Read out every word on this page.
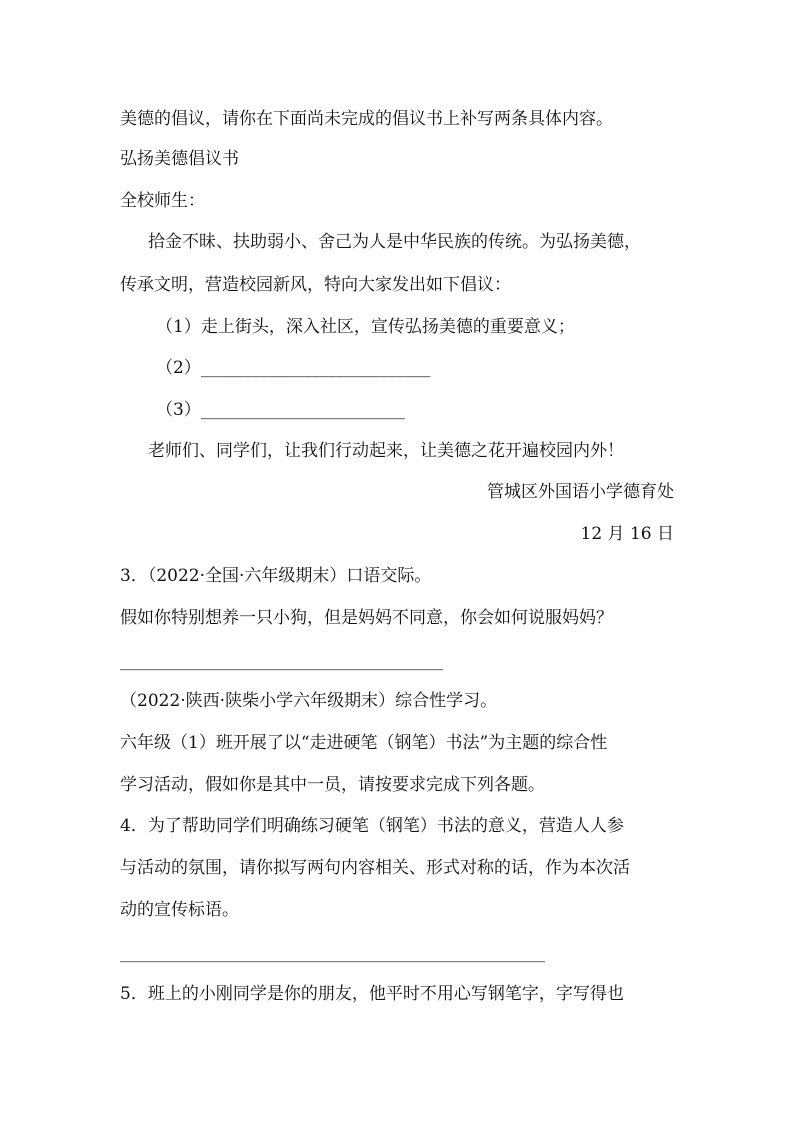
美德的倡议，请你在下面尚未完成的倡议书上补写两条具体内容。
弘扬美德倡议书
全校师生：
拾金不昧、扶助弱小、舍己为人是中华民族的传统。为弘扬美德，
传承文明，营造校园新风，特向大家发出如下倡议：
（1）走上街头，深入社区，宣传弘扬美德的重要意义；
（2）___________________________
（3）________________________
老师们、同学们，让我们行动起来，让美德之花开遍校园内外！
管城区外国语小学德育处
12 月 16 日
3．（2022·全国·六年级期末）口语交际。
假如你特别想养一只小狗，但是妈妈不同意，你会如何说服妈妈？
______________________________________
（2022·陕西·陕柴小学六年级期末）综合性学习。
六年级（1）班开展了以“走进硬笔（钢笔）书法”为主题的综合性
学习活动，假如你是其中一员，请按要求完成下列各题。
4．为了帮助同学们明确练习硬笔（钢笔）书法的意义，营造人人参
与活动的氛围，请你拟写两句内容相关、形式对称的话，作为本次活
动的宣传标语。
__________________________________________________
5．班上的小刚同学是你的朋友，他平时不用心写钢笔字，字写得也
